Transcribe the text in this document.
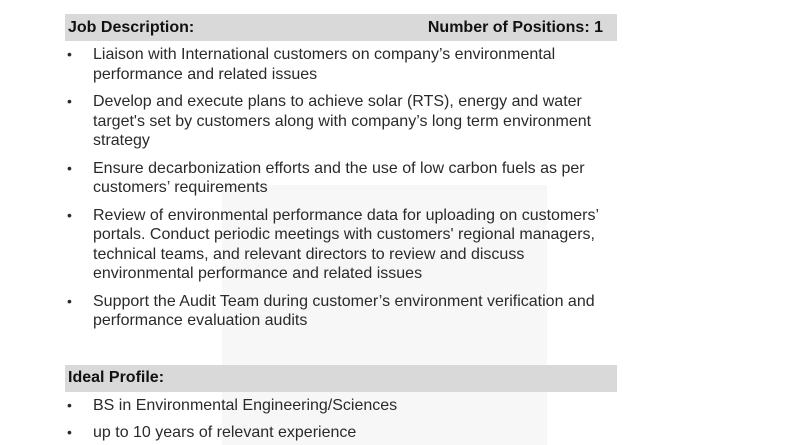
Job Description:	Number of Positions: 1
• Liaison with International customers on company’s environmental performance and related issues
• Develop and execute plans to achieve solar (RTS), energy and water target's set by customers along with company’s long term environment strategy
• Ensure decarbonization efforts and the use of low carbon fuels as per customers’ requirements
• Review of environmental performance data for uploading on customers’ portals. Conduct periodic meetings with customers' regional managers, technical teams, and relevant directors to review and discuss environmental performance and related issues
• Support the Audit Team during customer’s environment verification and performance evaluation audits
Ideal Profile:
• BS in Environmental Engineering/Sciences
• up to 10 years of relevant experience
